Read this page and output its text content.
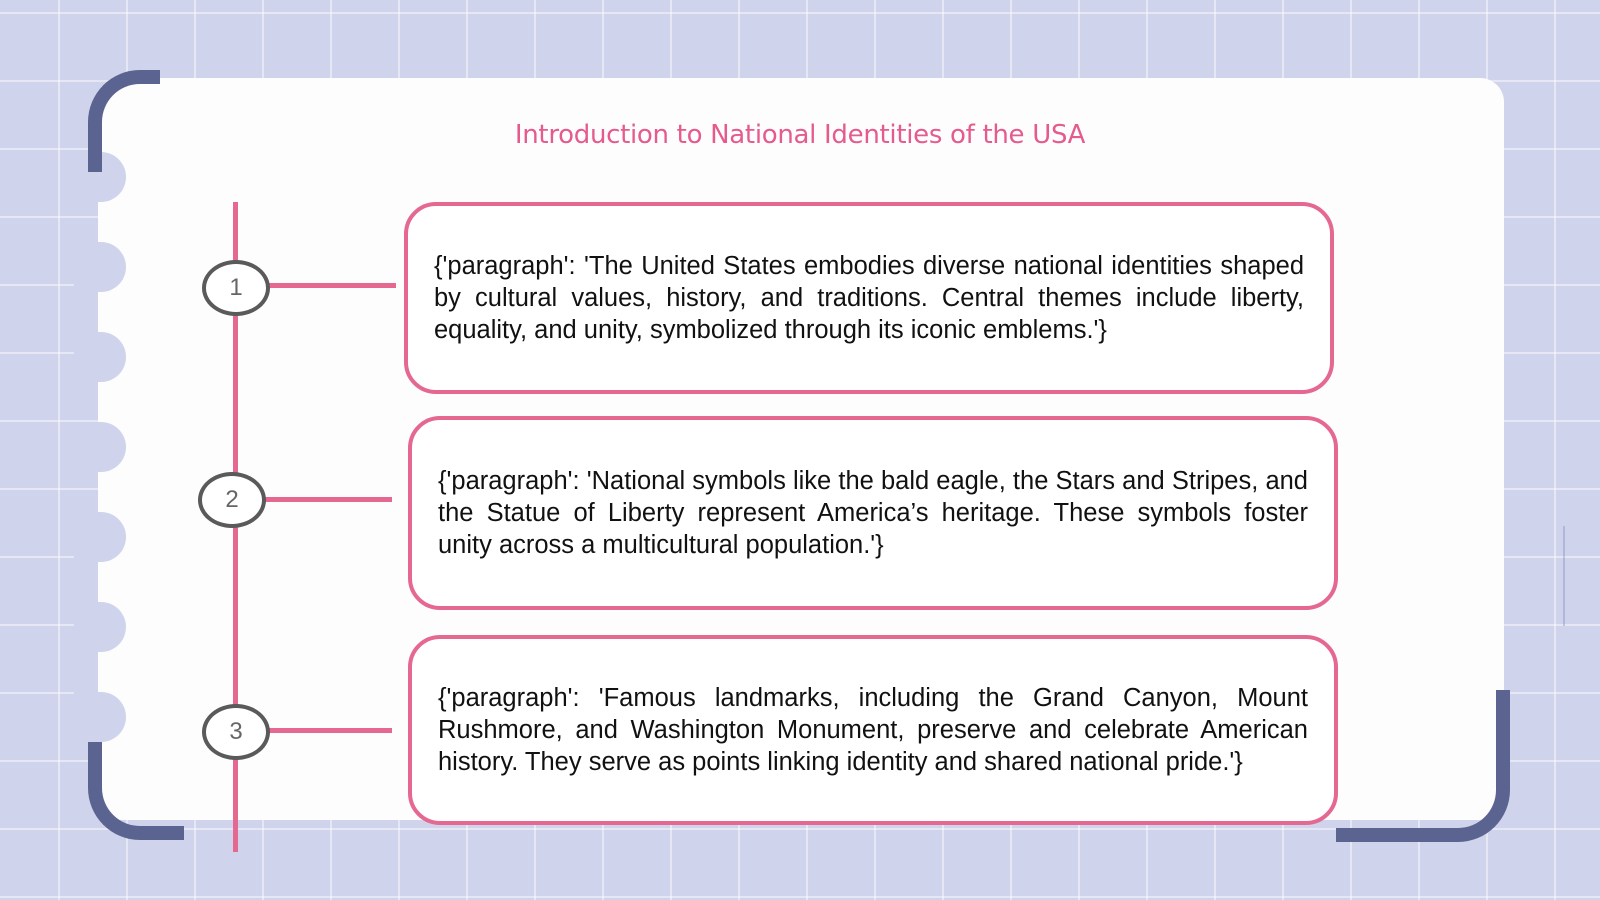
Introduction to National Identities of the USA
1

{'paragraph': 'The United States embodies diverse national identities shaped by cultural values, history, and traditions. Central themes include liberty, equality, and unity, symbolized through its iconic emblems.'}

2

{'paragraph': 'National symbols like the bald eagle, the Stars and Stripes, and the Statue of Liberty represent America’s heritage. These symbols foster unity across a multicultural population.'}

3

{'paragraph': 'Famous landmarks, including the Grand Canyon, Mount Rushmore, and Washington Monument, preserve and celebrate American history. They serve as points linking identity and shared national pride.'}
